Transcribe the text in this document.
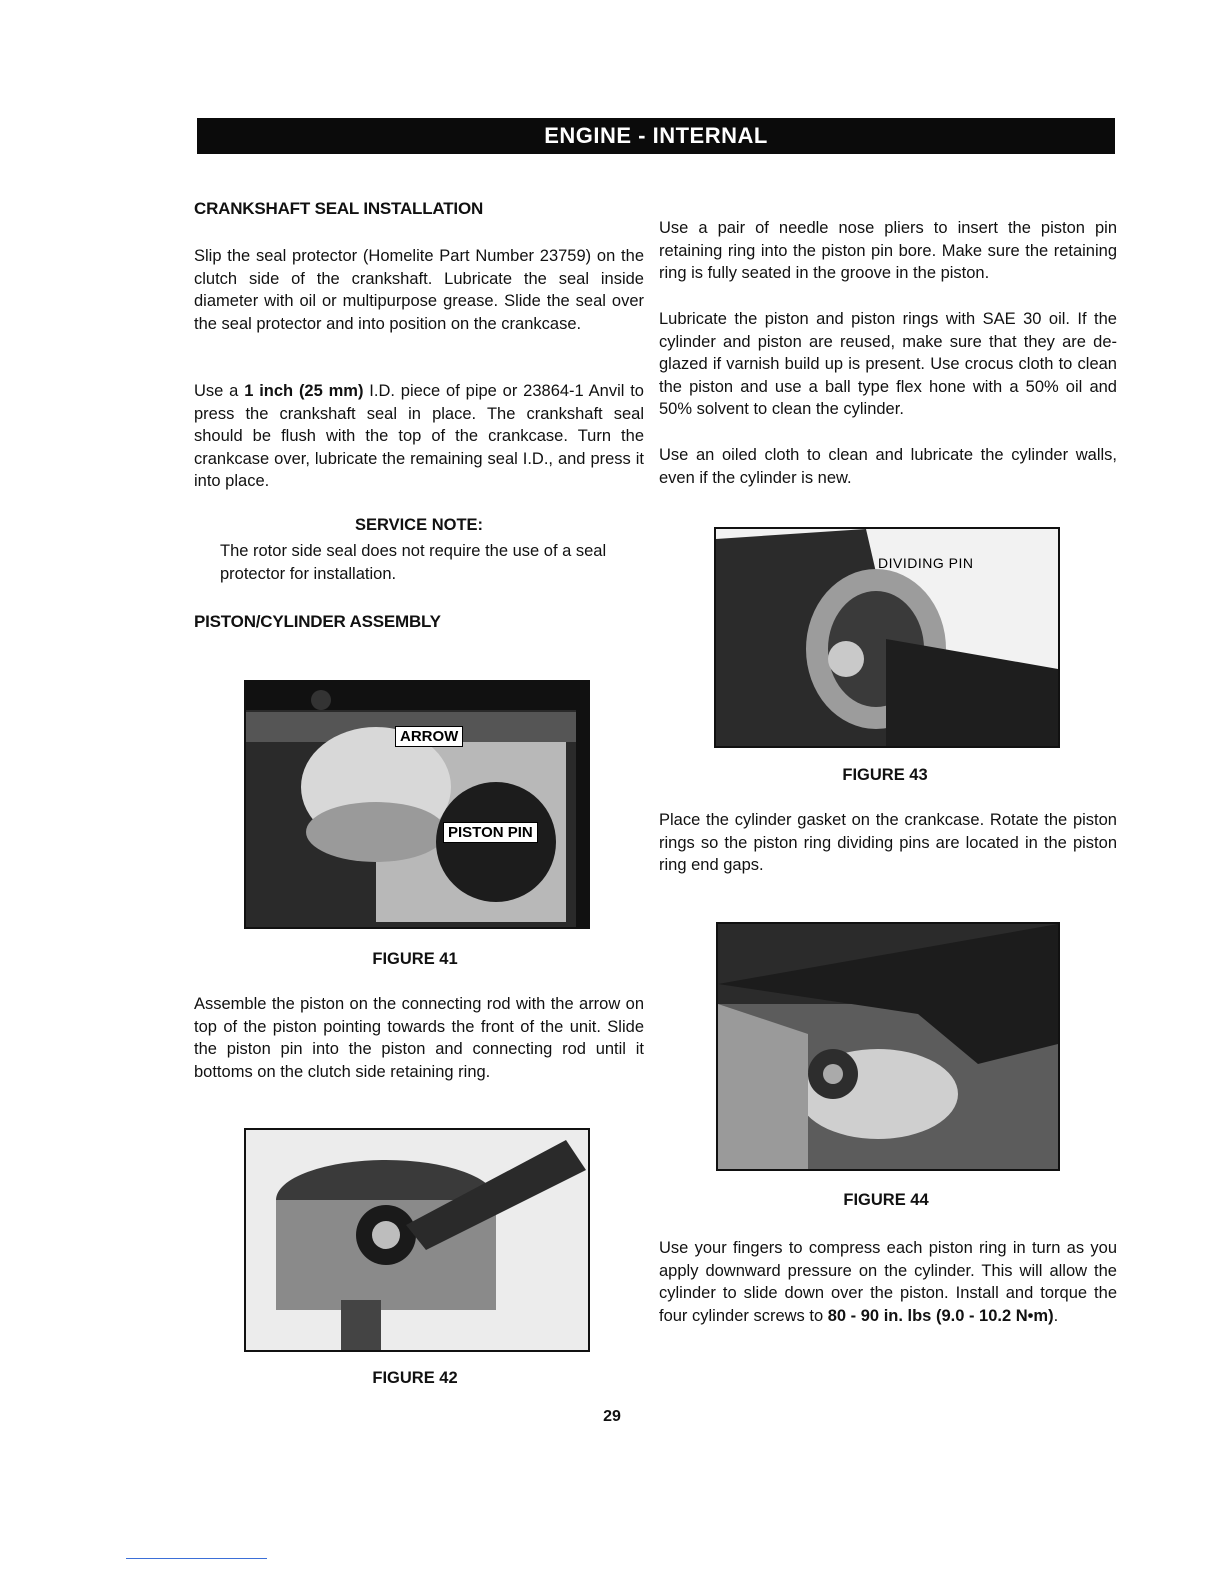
ENGINE - INTERNAL
CRANKSHAFT SEAL INSTALLATION

Slip the seal protector (Homelite Part Number 23759) on the clutch side of the crankshaft. Lubricate the seal inside diameter with oil or multipurpose grease. Slide the seal over the seal protector and into position on the crankcase.

Use a 1 inch (25 mm) I.D. piece of pipe or 23864-1 Anvil to press the crankshaft seal in place. The crankshaft seal should be flush with the top of the crankcase. Turn the crankcase over, lubricate the remaining seal I.D., and press it into place.

SERVICE NOTE:
The rotor side seal does not require the use of a seal protector for installation.
PISTON/CYLINDER ASSEMBLY
ARROW
PISTON PIN
FIGURE 41

Assemble the piston on the connecting rod with the arrow on top of the piston pointing towards the front of the unit. Slide the piston pin into the piston and connecting rod until it bottoms on the clutch side retaining ring.

FIGURE 42

Use a pair of needle nose pliers to insert the piston pin retaining ring into the piston pin bore. Make sure the retaining ring is fully seated in the groove in the piston.

Lubricate the piston and piston rings with SAE 30 oil. If the cylinder and piston are reused, make sure that they are de-glazed if varnish build up is present. Use crocus cloth to clean the piston and use a ball type flex hone with a 50% oil and 50% solvent to clean the cylinder.

Use an oiled cloth to clean and lubricate the cylinder walls, even if the cylinder is new.

DIVIDING PIN
FIGURE 43

Place the cylinder gasket on the crankcase. Rotate the piston rings so the piston ring dividing pins are located in the piston ring end gaps.

FIGURE 44

Use your fingers to compress each piston ring in turn as you apply downward pressure on the cylinder. This will allow the cylinder to slide down over the piston. Install and torque the four cylinder screws to 80 - 90 in. lbs (9.0 - 10.2 N•m).

29
